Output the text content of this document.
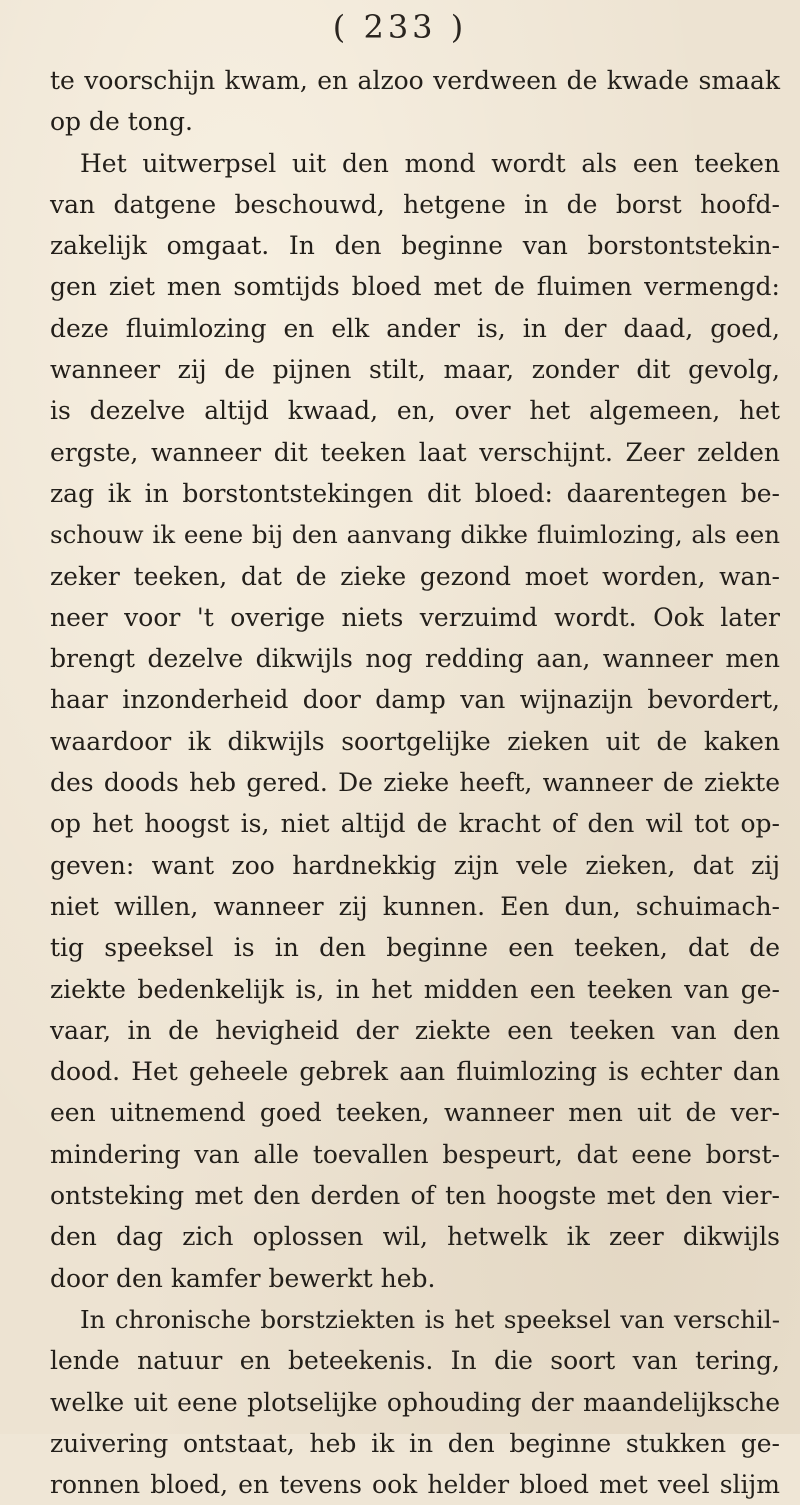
( 233 )
te voorschijn kwam, en alzoo verdween de kwade smaak
op de tong.
Het uitwerpsel uit den mond wordt als een teeken
van datgene beschouwd, hetgene in de borst hoofd-
zakelijk omgaat. In den beginne van borstontstekin-
gen ziet men somtijds bloed met de fluimen vermengd:
deze fluimlozing en elk ander is, in der daad, goed,
wanneer zij de pijnen stilt, maar, zonder dit gevolg,
is dezelve altijd kwaad, en, over het algemeen, het
ergste, wanneer dit teeken laat verschijnt. Zeer zelden
zag ik in borstontstekingen dit bloed: daarentegen be-
schouw ik eene bij den aanvang dikke fluimlozing, als een
zeker teeken, dat de zieke gezond moet worden, wan-
neer voor 't overige niets verzuimd wordt. Ook later
brengt dezelve dikwijls nog redding aan, wanneer men
haar inzonderheid door damp van wijnazijn bevordert,
waardoor ik dikwijls soortgelijke zieken uit de kaken
des doods heb gered. De zieke heeft, wanneer de ziekte
op het hoogst is, niet altijd de kracht of den wil tot op-
geven: want zoo hardnekkig zijn vele zieken, dat zij
niet willen, wanneer zij kunnen. Een dun, schuimach-
tig speeksel is in den beginne een teeken, dat de
ziekte bedenkelijk is, in het midden een teeken van ge-
vaar, in de hevigheid der ziekte een teeken van den
dood. Het geheele gebrek aan fluimlozing is echter dan
een uitnemend goed teeken, wanneer men uit de ver-
mindering van alle toevallen bespeurt, dat eene borst-
ontsteking met den derden of ten hoogste met den vier-
den dag zich oplossen wil, hetwelk ik zeer dikwijls
door den kamfer bewerkt heb.
In chronische borstziekten is het speeksel van verschil-
lende natuur en beteekenis. In die soort van tering,
welke uit eene plotselijke ophouding der maandelijksche
zuivering ontstaat, heb ik in den beginne stukken ge-
ronnen bloed, en tevens ook helder bloed met veel slijm
